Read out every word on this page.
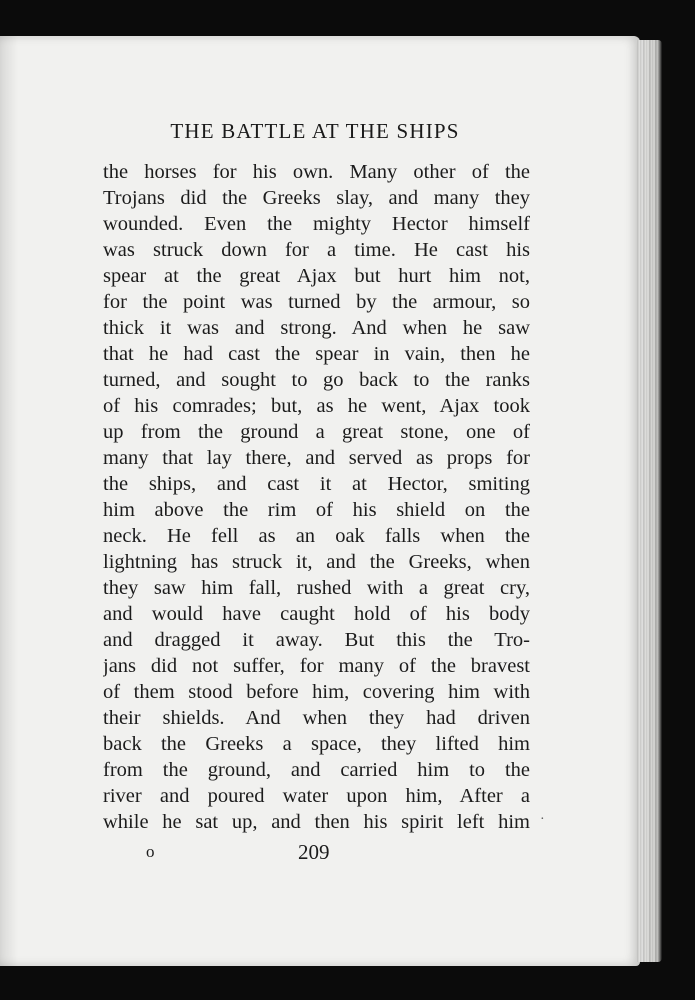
THE BATTLE AT THE SHIPS
the horses for his own. Many other of the
Trojans did the Greeks slay, and many they
wounded. Even the mighty Hector himself
was struck down for a time. He cast his
spear at the great Ajax but hurt him not,
for the point was turned by the armour, so
thick it was and strong. And when he saw
that he had cast the spear in vain, then he
turned, and sought to go back to the ranks
of his comrades; but, as he went, Ajax took
up from the ground a great stone, one of
many that lay there, and served as props for
the ships, and cast it at Hector, smiting
him above the rim of his shield on the
neck. He fell as an oak falls when the
lightning has struck it, and the Greeks, when
they saw him fall, rushed with a great cry,
and would have caught hold of his body
and dragged it away. But this the Tro-
jans did not suffer, for many of the bravest
of them stood before him, covering him with
their shields. And when they had driven
back the Greeks a space, they lifted him
from the ground, and carried him to the
river and poured water upon him, After a
while he sat up, and then his spirit left him ·
o	209
